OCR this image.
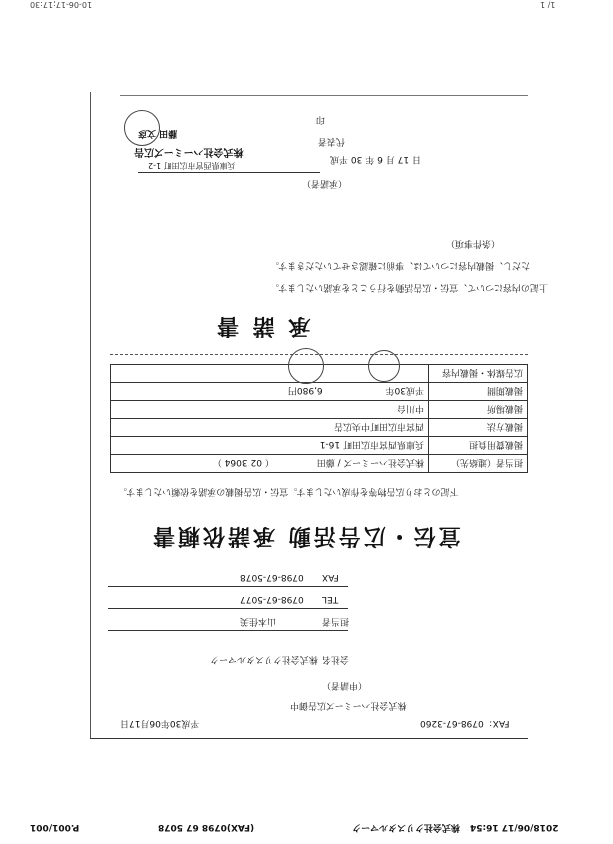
10-06-17;17:30	1/ 1
印
藤田 文彦
代表者
株式会社ハーミーズ広告
兵庫県西宮市広田町 1-2
日 17 月 6 年 30 平成
（承諾者）
（条件事項）
ただし、掲載内容については、事前に確認させていただきます。
上記の内容について、宣伝・広告活動を行うことを承諾いたします。
承 諾 書
担当者（連絡先）	株式会社ハーミーズ / 藤田 （ 02 3064 ）
掲載費用負担	兵庫県西宮市広田町 16-1
掲載方法	西宮市広田町中央広告
掲載場所	中川台
掲載期間	平成30年 6,980円
広告媒体・掲載内容	
下記のとおり広告物等を作成いたします。宣伝・広告掲載の承諾を依頼いたします。
宣伝・広告活動 承諾依頼書
0798-67-5078 FAX
0798-67-5077 TEL
山本佳美	担当者
株式会社クリスタルマーク 会社名
（申請者）
株式会社ハーミーズ広告御中
平成30年06月17日	FAX：0798-67-3260
2018/06/17 16:54
株式会社クリスタルマーク
(FAX)0798 67 5078
P.001/001
